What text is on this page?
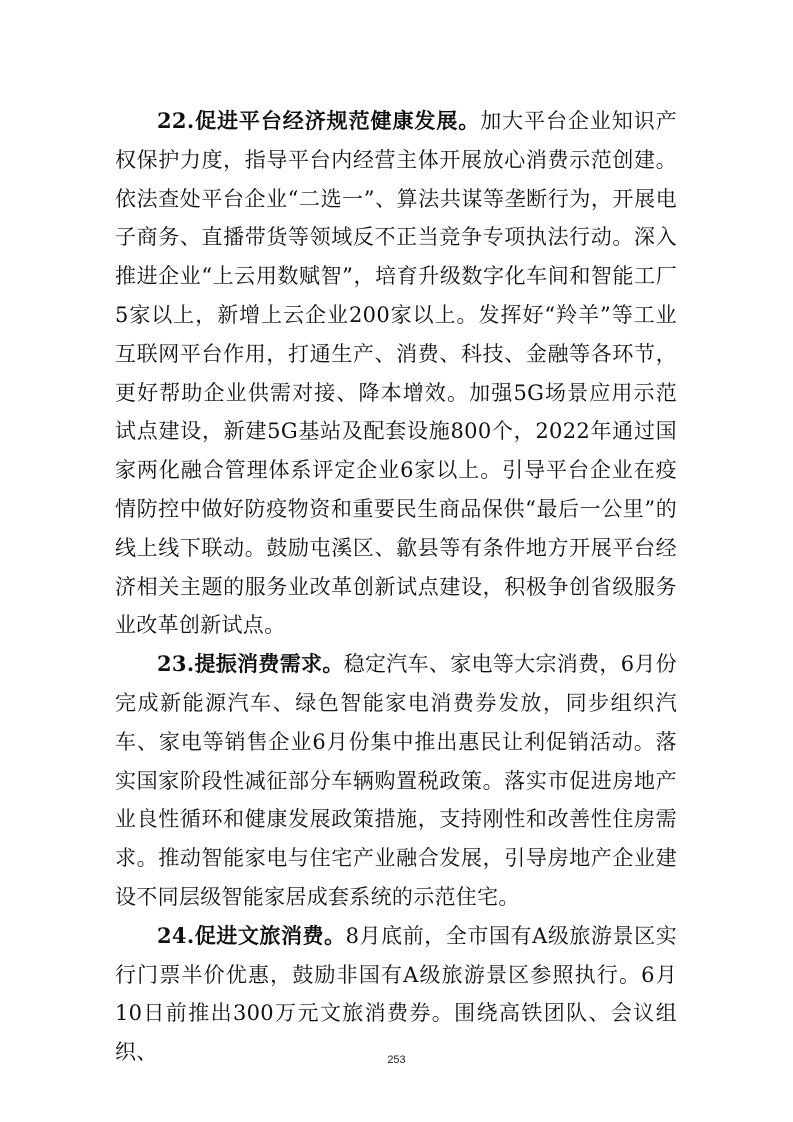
22.促进平台经济规范健康发展。加大平台企业知识产权保护力度，指导平台内经营主体开展放心消费示范创建。依法查处平台企业“二选一”、算法共谋等垄断行为，开展电子商务、直播带货等领域反不正当竞争专项执法行动。深入推进企业“上云用数赋智”，培育升级数字化车间和智能工厂5家以上，新增上云企业200家以上。发挥好“羚羊”等工业互联网平台作用，打通生产、消费、科技、金融等各环节，更好帮助企业供需对接、降本增效。加强5G场景应用示范试点建设，新建5G基站及配套设施800个，2022年通过国家两化融合管理体系评定企业6家以上。引导平台企业在疫情防控中做好防疫物资和重要民生商品保供“最后一公里”的线上线下联动。鼓励屯溪区、歙县等有条件地方开展平台经济相关主题的服务业改革创新试点建设，积极争创省级服务业改革创新试点。

23.提振消费需求。稳定汽车、家电等大宗消费，6月份完成新能源汽车、绿色智能家电消费券发放，同步组织汽车、家电等销售企业6月份集中推出惠民让利促销活动。落实国家阶段性减征部分车辆购置税政策。落实市促进房地产业良性循环和健康发展政策措施，支持刚性和改善性住房需求。推动智能家电与住宅产业融合发展，引导房地产企业建设不同层级智能家居成套系统的示范住宅。

24.促进文旅消费。8月底前，全市国有A级旅游景区实行门票半价优惠，鼓励非国有A级旅游景区参照执行。6月10日前推出300万元文旅消费券。围绕高铁团队、会议组织、	253
